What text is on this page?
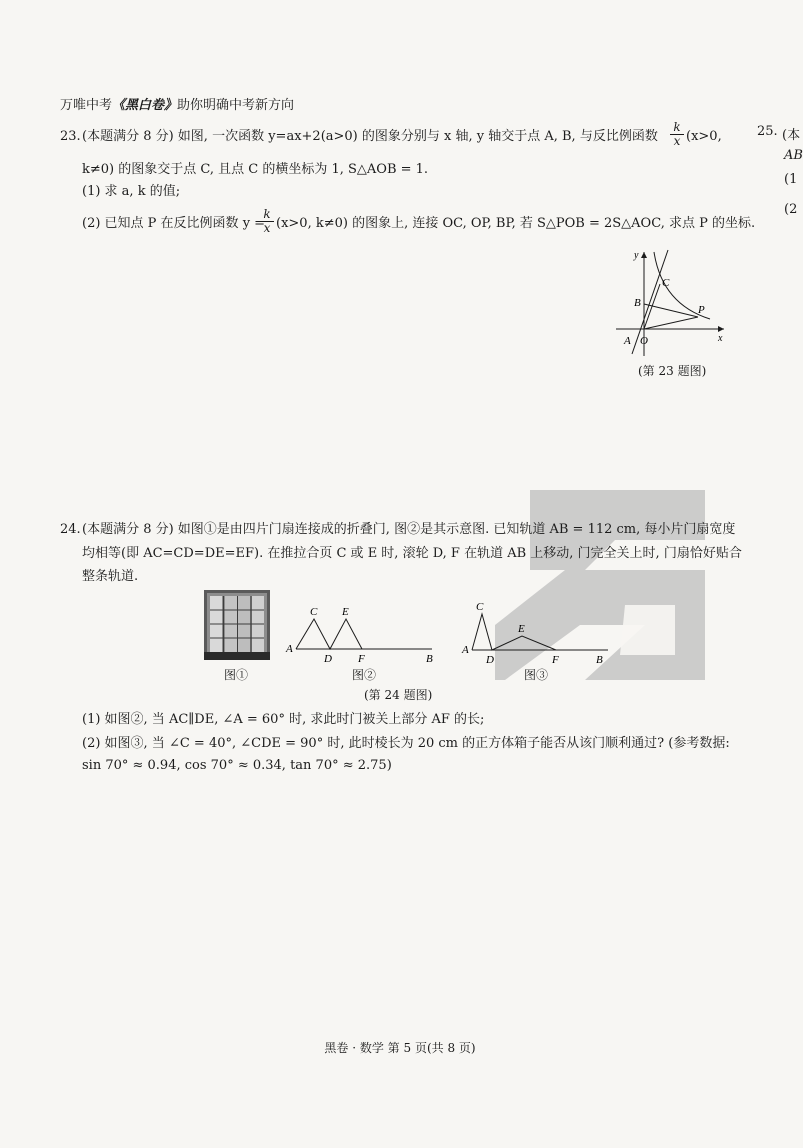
万唯中考《黑白卷》助你明确中考新方向
23. (本题满分 8 分) 如图, 一次函数 y=ax+2(a>0) 的图象分别与 x 轴, y 轴交于点 A, B, 与反比例函数
k
x (x>0,
k≠0) 的图象交于点 C, 且点 C 的横坐标为 1, S△AOB = 1.
(1) 求 a, k 的值;
(2) 已知点 P 在反比例函数 y =
k
x (x>0, k≠0) 的图象上, 连接 OC, OP, BP, 若 S△POB = 2S△AOC, 求点 P 的坐标.
y
x
A O
B
C
P
(第 23 题图)
25. (本
AB
(1
(2
24. (本题满分 8 分) 如图①是由四片门扇连接成的折叠门, 图②是其示意图. 已知轨道 AB = 112 cm, 每小片门扇宽度
均相等(即 AC=CD=DE=EF). 在推拉合页 C 或 E 时, 滚轮 D, F 在轨道 AB 上移动, 门完全关上时, 门扇恰好贴合
整条轨道.
图①
A
C
D
E
F	B
图②
A
C
D
E
F	B
图③
(第 24 题图)
(1) 如图②, 当 AC∥DE, ∠A = 60° 时, 求此时门被关上部分 AF 的长;
(2) 如图③, 当 ∠C = 40°, ∠CDE = 90° 时, 此时棱长为 20 cm 的正方体箱子能否从该门顺利通过? (参考数据:
sin 70° ≈ 0.94, cos 70° ≈ 0.34, tan 70° ≈ 2.75)
黑卷 · 数学 第 5 页(共 8 页)
